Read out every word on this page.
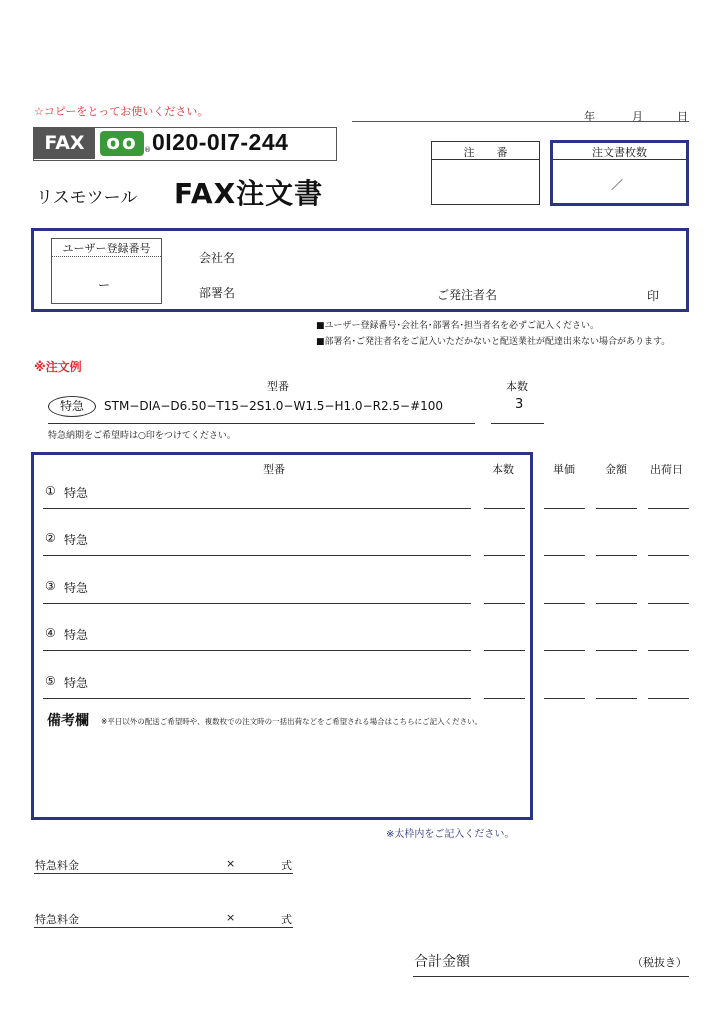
☆コピーをとってお使いください。	年	月	日
FAX	oo ® 0I20-0I7-244
リスモツール FAX注文書
注　　番	注文書枚数
／
ユーザー登録番号
ー
会社名
部署名	ご発注者名	印
■ユーザー登録番号･会社名･部署名･担当者名を必ずご記入ください。
■部署名･ご発注者名をご記入いただかないと配送業社が配達出来ない場合があります。
※注文例
型番	本数
特急	STM−DIA−D6.50−T15−2S1.0−W1.5−H1.0−R2.5−#100	3
特急納期をご希望時は○印をつけてください。
型番	本数	単価	金額 出荷日
① 特急
② 特急
③ 特急
④ 特急
⑤ 特急
備考欄 ※平日以外の配送ご希望時や、複数枚での注文時の一括出荷などをご希望される場合はこちらにご記入ください。
※太枠内をご記入ください。
特急料金	×	式
特急料金	×	式
合計金額	（税抜き）
